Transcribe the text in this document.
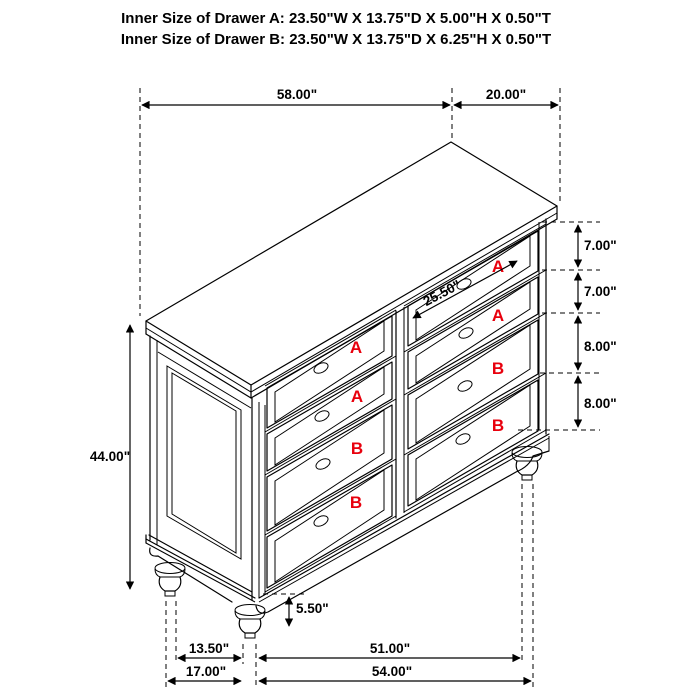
Inner Size of Drawer A: 23.50"W X 13.75"D X 5.00"H X 0.50"T
Inner Size of Drawer B: 23.50"W X 13.75"D X 6.25"H X 0.50"T
58.00"	20.00"
A
A
B
B
A
A
B
B
25.50"
7.00"
7.00"
8.00"
8.00"
44.00"
5.50"
13.50"	51.00"
17.00"	54.00"
